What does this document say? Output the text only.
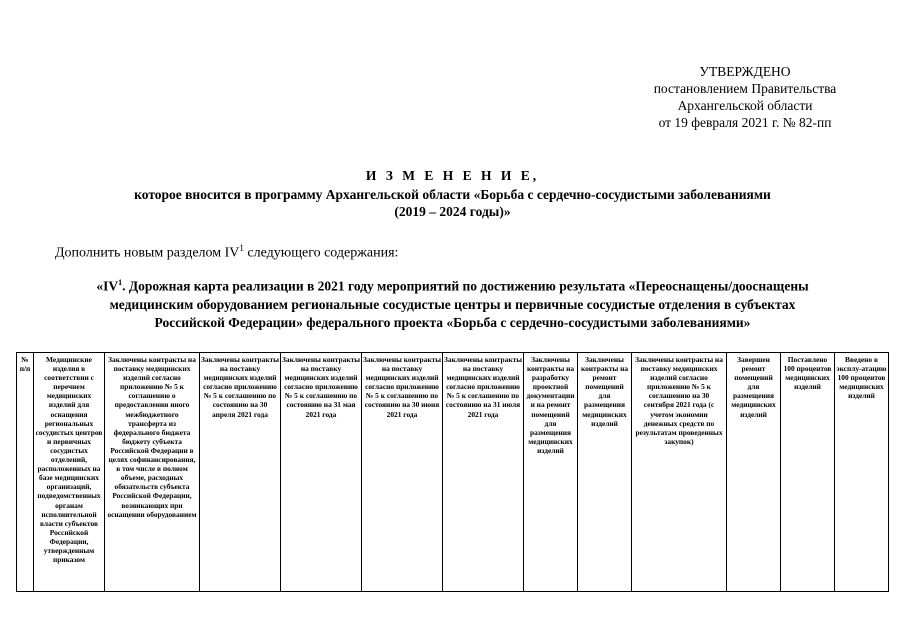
УТВЕРЖДЕНО
постановлением Правительства
Архангельской области
от 19 февраля 2021 г. № 82-пп
И З М Е Н Е Н И Е,
которое вносится в программу Архангельской области «Борьба с сердечно-сосудистыми заболеваниями
(2019 – 2024 годы)»
Дополнить новым разделом $IV^1$ следующего содержания:
«$IV^1$. Дорожная карта реализации в 2021 году мероприятий по достижению результата «Переоснащены/дооснащены
медицинским оборудованием региональные сосудистые центры и первичные сосудистые отделения в субъектах
Российской Федерации» федерального проекта «Борьба с сердечно-сосудистыми заболеваниями»
№ п/п	Медицинские изделия в соответствии с перечнем медицинских изделий для оснащения региональных сосудистых центров и первичных сосудистых отделений, расположенных на базе медицинских организаций, подведомственных органам исполнительной власти субъектов Российской Федерации, утвержденным приказом	Заключены контракты на поставку медицинских изделий согласно приложению № 5 к соглашению о предоставлении иного межбюджетного трансферта из федерального бюджета бюджету субъекта Российской Федерации в целях софинансирования, в том числе в полном объеме, расходных обязательств субъекта Российской Федерации, возникающих при оснащении оборудованием	Заключены контракты на поставку медицинских изделий согласно приложению № 5 к соглашению по состоянию на 30 апреля 2021 года	Заключены контракты на поставку медицинских изделий согласно приложению № 5 к соглашению по состоянию на 31 мая 2021 года	Заключены контракты на поставку медицинских изделий согласно приложению № 5 к соглашению по состоянию на 30 июня 2021 года	Заключены контракты на поставку медицинских изделий согласно приложению № 5 к соглашению по состоянию на 31 июля 2021 года	Заключены контракты на разработку проектной документации и на ремонт помещений для размещения медицинских изделий	Заключены контракты на ремонт помещений для размещения медицинских изделий	Заключены контракты на поставку медицинских изделий согласно приложению № 5 к соглашению на 30 сентября 2021 года (с учетом экономии денежных средств по результатам проведенных закупок)	Завершен ремонт помещений для размещения медицинских изделий	Поставлено 100 процентов медицинских изделий	Введено в эксплу-атацию 100 процентов медицинских изделий
